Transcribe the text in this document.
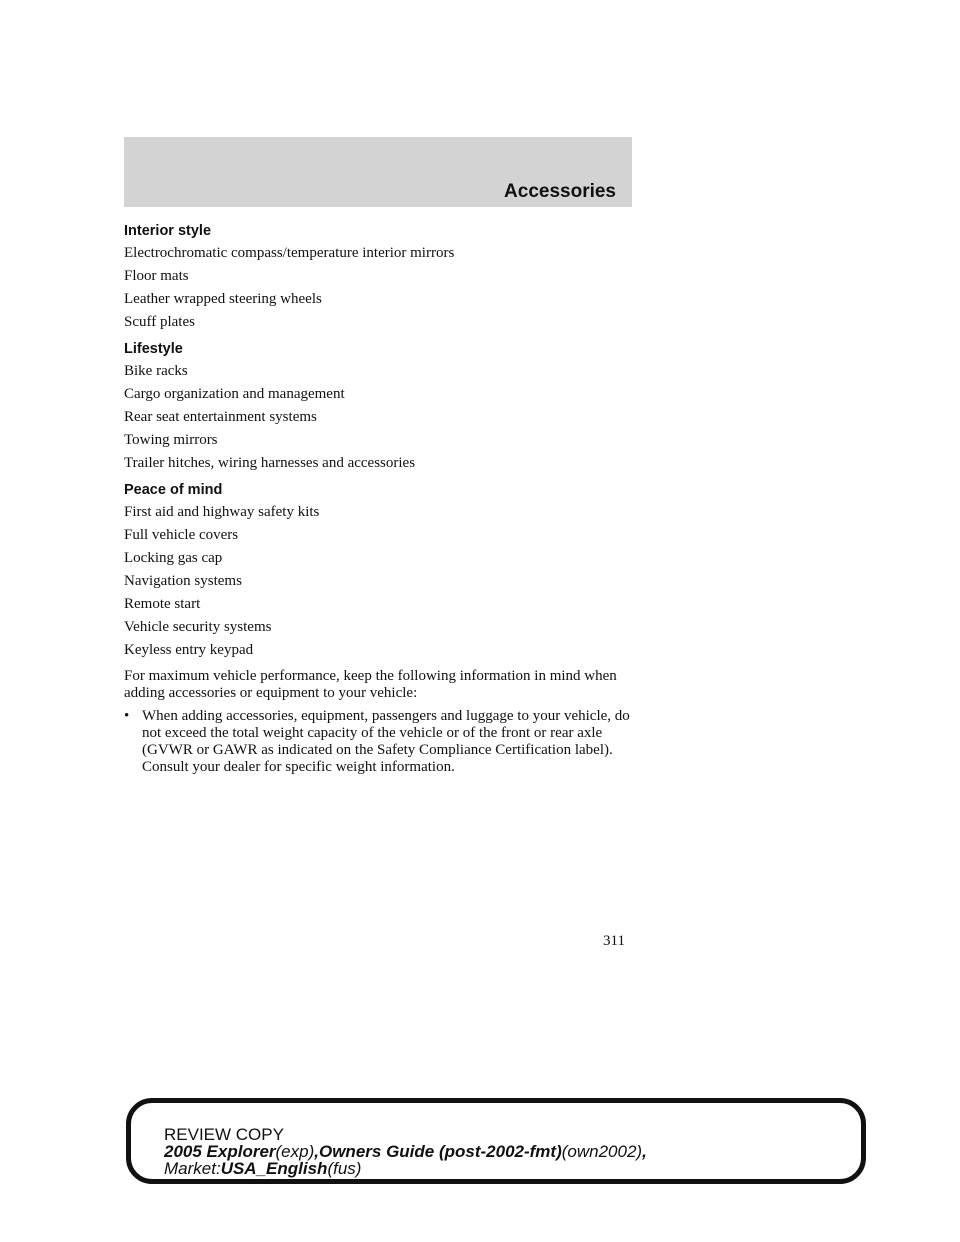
Accessories
Interior style
Electrochromatic compass/temperature interior mirrors
Floor mats
Leather wrapped steering wheels
Scuff plates
Lifestyle
Bike racks
Cargo organization and management
Rear seat entertainment systems
Towing mirrors
Trailer hitches, wiring harnesses and accessories
Peace of mind
First aid and highway safety kits
Full vehicle covers
Locking gas cap
Navigation systems
Remote start
Vehicle security systems
Keyless entry keypad
For maximum vehicle performance, keep the following information in mind when adding accessories or equipment to your vehicle:
• When adding accessories, equipment, passengers and luggage to your vehicle, do not exceed the total weight capacity of the vehicle or of the front or rear axle (GVWR or GAWR as indicated on the Safety Compliance Certification label). Consult your dealer for specific weight information.
311
REVIEW COPY
2005 Explorer(exp),Owners Guide (post-2002-fmt)(own2002),
Market:USA_English(fus)
